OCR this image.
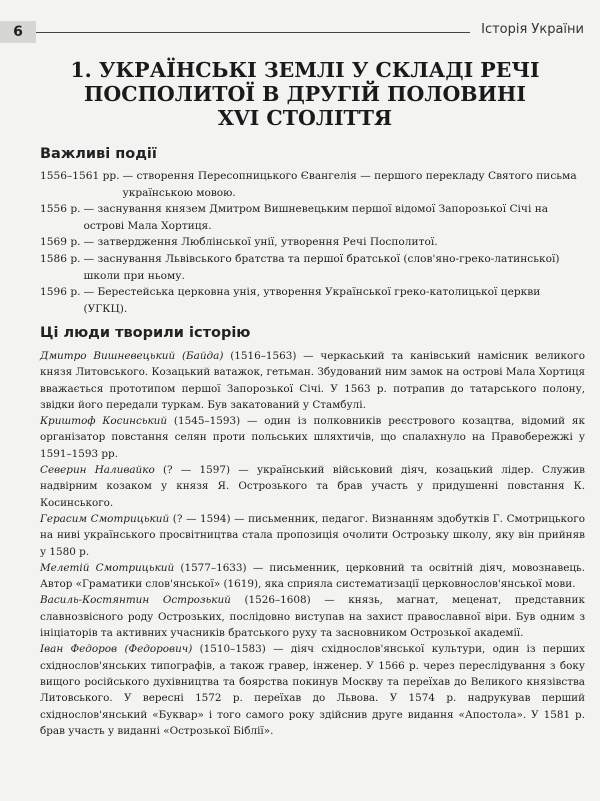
6	Історія України
1. УКРАЇНСЬКІ ЗЕМЛІ У СКЛАДІ РЕЧІ
ПОСПОЛИТОЇ В ДРУГІЙ ПОЛОВИНІ
XVI СТОЛІТТЯ
Важливі події
1556–1561 рр. — створення Пересопницького Євангелія — першого перекладу Святого письма українською мовою.
1556 р. — заснування князем Дмитром Вишневецьким першої відомої Запорозької Січі на острові Мала Хортиця.
1569 р. — затвердження Люблінської унії, утворення Речі Посполитої.
1586 р. — заснування Львівського братства та першої братської (слов'яно-греко-латинської) школи при ньому.
1596 р. — Берестейська церковна унія, утворення Української греко-католицької церкви (УГКЦ).
Ці люди творили історію

Дмитро Вишневецький (Байда) (1516–1563) — черкаський та канівський намісник великого князя Литовського. Козацький ватажок, гетьман. Збудований ним замок на острові Мала Хортиця вважається прототипом першої Запорозької Січі. У 1563 р. потрапив до татарського полону, звідки його передали туркам. Був закатований у Стамбулі.

Криштоф Косинський (1545–1593) — один із полковників реєстрового козацтва, відомий як організатор повстання селян проти польських шляхтичів, що спалахнуло на Правобережжі у 1591–1593 рр.

Северин Наливайко (? — 1597) — український військовий діяч, козацький лідер. Служив надвірним козаком у князя Я. Острозького та брав участь у придушенні повстання К. Косинського.

Герасим Смотрицький (? — 1594) — письменник, педагог. Визнанням здобутків Г. Смотрицького на ниві українського просвітництва стала пропозиція очолити Острозьку школу, яку він прийняв у 1580 р.

Мелетій Смотрицький (1577–1633) — письменник, церковний та освітній діяч, мовознавець. Автор «Граматики слов'янської» (1619), яка сприяла систематизації церковнослов'янської мови.

Василь-Костянтин Острозький (1526–1608) — князь, магнат, меценат, представник славнозвісного роду Острозьких, послідовно виступав на захист православної віри. Був одним з ініціаторів та активних учасників братського руху та засновником Острозької академії.

Іван Федоров (Федорович) (1510–1583) — діяч східнослов'янської культури, один із перших східнослов'янських типографів, а також гравер, інженер. У 1566 р. через переслідування з боку вищого російського духівництва та боярства покинув Москву та переїхав до Великого князівства Литовського. У вересні 1572 р. переїхав до Львова. У 1574 р. надрукував перший східнослов'янський «Буквар» і того самого року здійснив друге видання «Апостола». У 1581 р. брав участь у виданні «Острозької Біблії».
